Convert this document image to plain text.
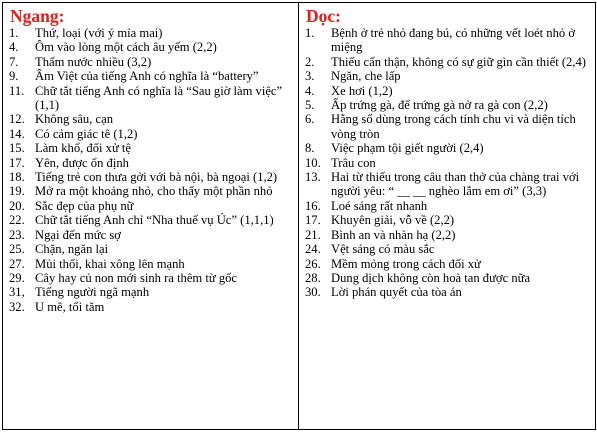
Ngang:
1.	Thứ, loại (với ý mỉa mai)
4.	Ôm vào lòng một cách âu yếm (2,2)
7.	Thấm nước nhiều (3,2)
9.	Âm Việt của tiếng Anh có nghĩa là “battery”
11. Chữ tắt tiếng Anh có nghĩa là “Sau giờ làm việc” (1,1)
12. Không sâu, cạn
14. Có cảm giác tê (1,2)
15. Làm khổ, đối xử tệ
17. Yên, được ổn định
18. Tiếng trẻ con thưa gởi với bà nội, bà ngoại (1,2)
19. Mở ra một khoảng nhỏ, cho thấy một phần nhỏ
20. Sắc đẹp của phụ nữ
22. Chữ tắt tiếng Anh chỉ “Nha thuế vụ Úc” (1,1,1)
23. Ngại đến mức sợ
25. Chặn, ngăn lại
27. Mủi thối, khai xông lên mạnh
29. Cây hay củ non mới sinh ra thêm từ gốc
31, Tiếng người ngã mạnh
32. U mê, tối tăm

Dọc:
1.	Bệnh ở trẻ nhỏ đang bú, có những vết loét nhỏ ở miệng
2.	Thiếu cẩn thận, không có sự giữ gìn cần thiết (2,4)
3.	Ngăn, che lấp
4.	Xe hơi (1,2)
5.	Ấp trứng gà, để trứng gà nở ra gà con (2,2)
6.	Hằng số dùng trong cách tính chu vi và diện tích vòng tròn
8.	Việc phạm tội giết người (2,4)
10. Trâu con
13. Hai từ thiếu trong câu than thở của chàng trai với người yêu: “ __ __ nghèo lắm em ơi” (3,3)
16. Loé sáng rất nhanh
17. Khuyên giải, vỗ về (2,2)
21. Bình an và nhàn hạ (2,2)
24. Vệt sáng có màu sắc
26. Mềm mỏng trong cách đối xử
28. Dung dịch không còn hoà tan được nữa
30. Lời phán quyết của tòa án
